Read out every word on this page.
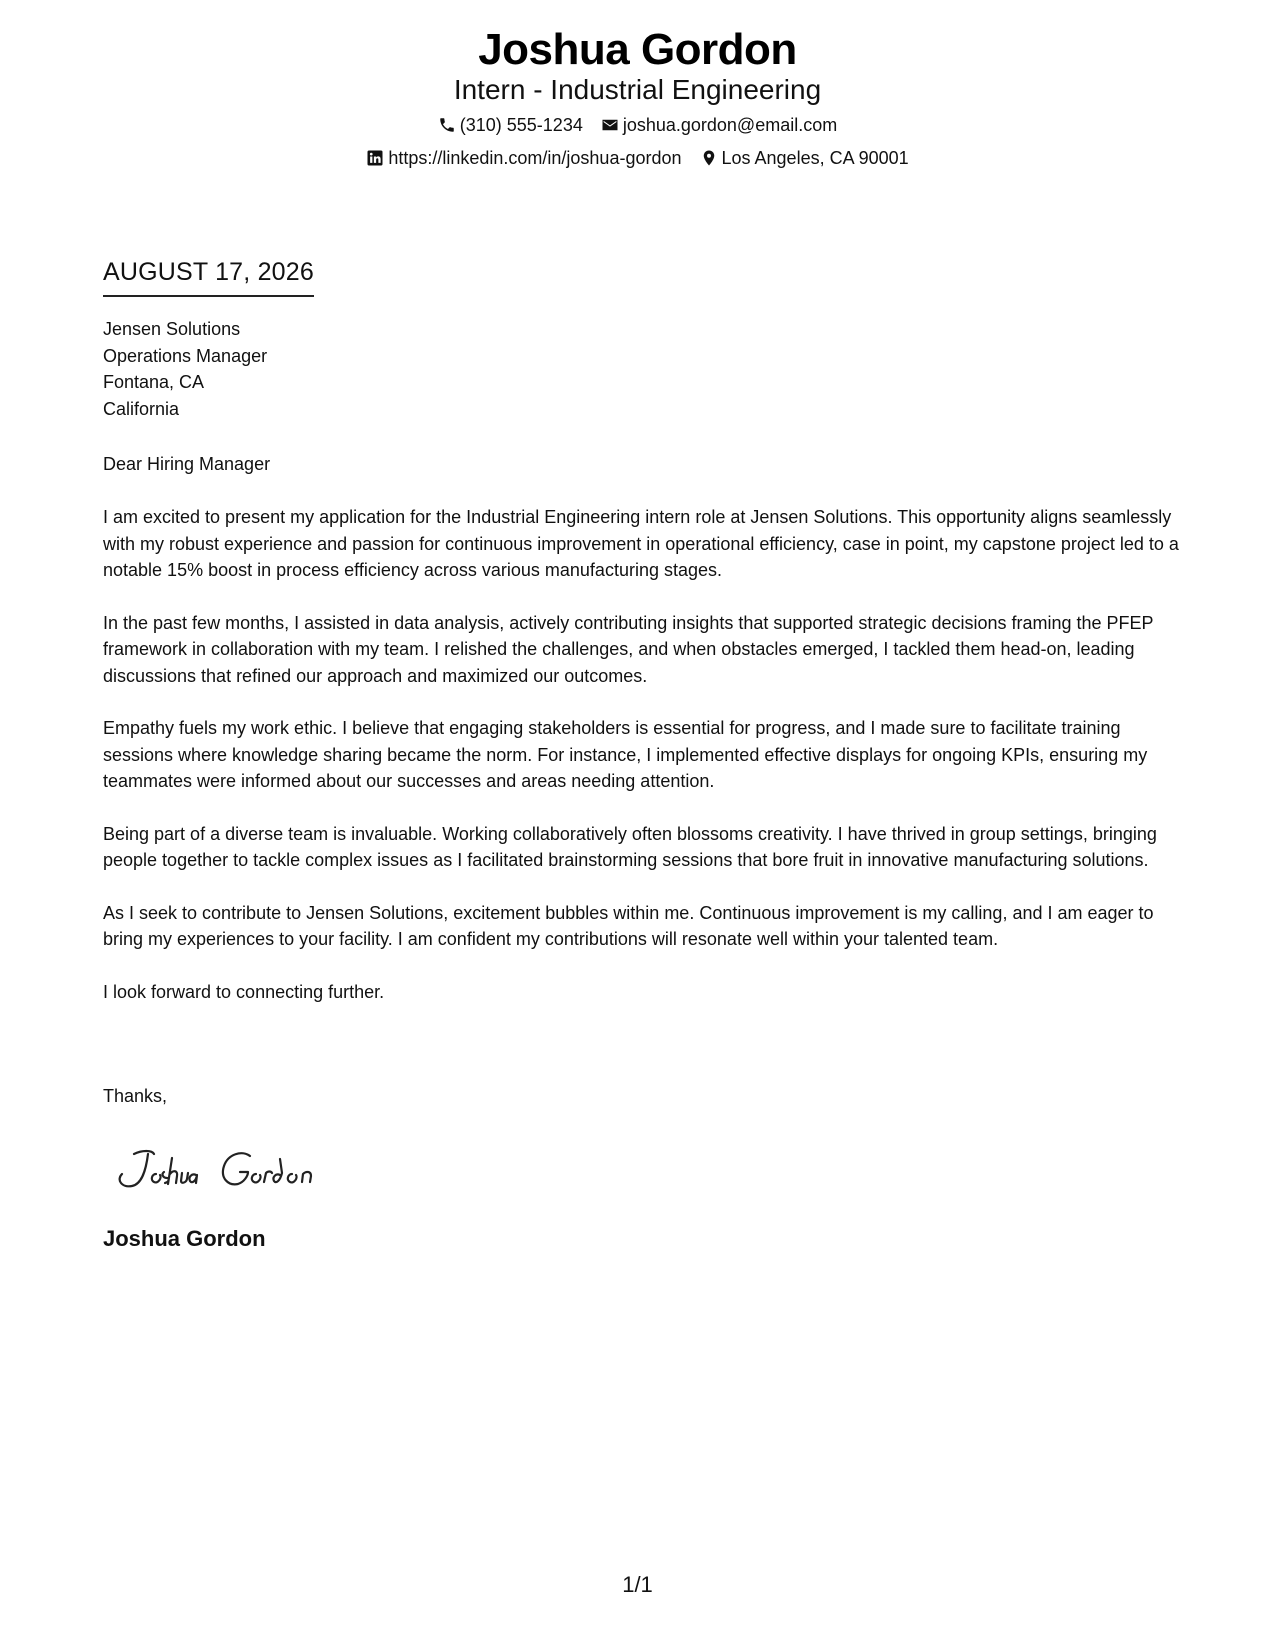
Joshua Gordon
Intern - Industrial Engineering
(310) 555-1234 joshua.gordon@email.com
https://linkedin.com/in/joshua-gordon Los Angeles, CA 90001
AUGUST 17, 2026
Jensen Solutions
Operations Manager
Fontana, CA
California
Dear Hiring Manager

I am excited to present my application for the Industrial Engineering intern role at Jensen Solutions. This opportunity aligns seamlessly with my robust experience and passion for continuous improvement in operational efficiency, case in point, my capstone project led to a notable 15% boost in process efficiency across various manufacturing stages.

In the past few months, I assisted in data analysis, actively contributing insights that supported strategic decisions framing the PFEP framework in collaboration with my team. I relished the challenges, and when obstacles emerged, I tackled them head-on, leading discussions that refined our approach and maximized our outcomes.

Empathy fuels my work ethic. I believe that engaging stakeholders is essential for progress, and I made sure to facilitate training sessions where knowledge sharing became the norm. For instance, I implemented effective displays for ongoing KPIs, ensuring my teammates were informed about our successes and areas needing attention.

Being part of a diverse team is invaluable. Working collaboratively often blossoms creativity. I have thrived in group settings, bringing people together to tackle complex issues as I facilitated brainstorming sessions that bore fruit in innovative manufacturing solutions.

As I seek to contribute to Jensen Solutions, excitement bubbles within me. Continuous improvement is my calling, and I am eager to bring my experiences to your facility. I am confident my contributions will resonate well within your talented team.

I look forward to connecting further.

Thanks,
Joshua Gordon
1/1
